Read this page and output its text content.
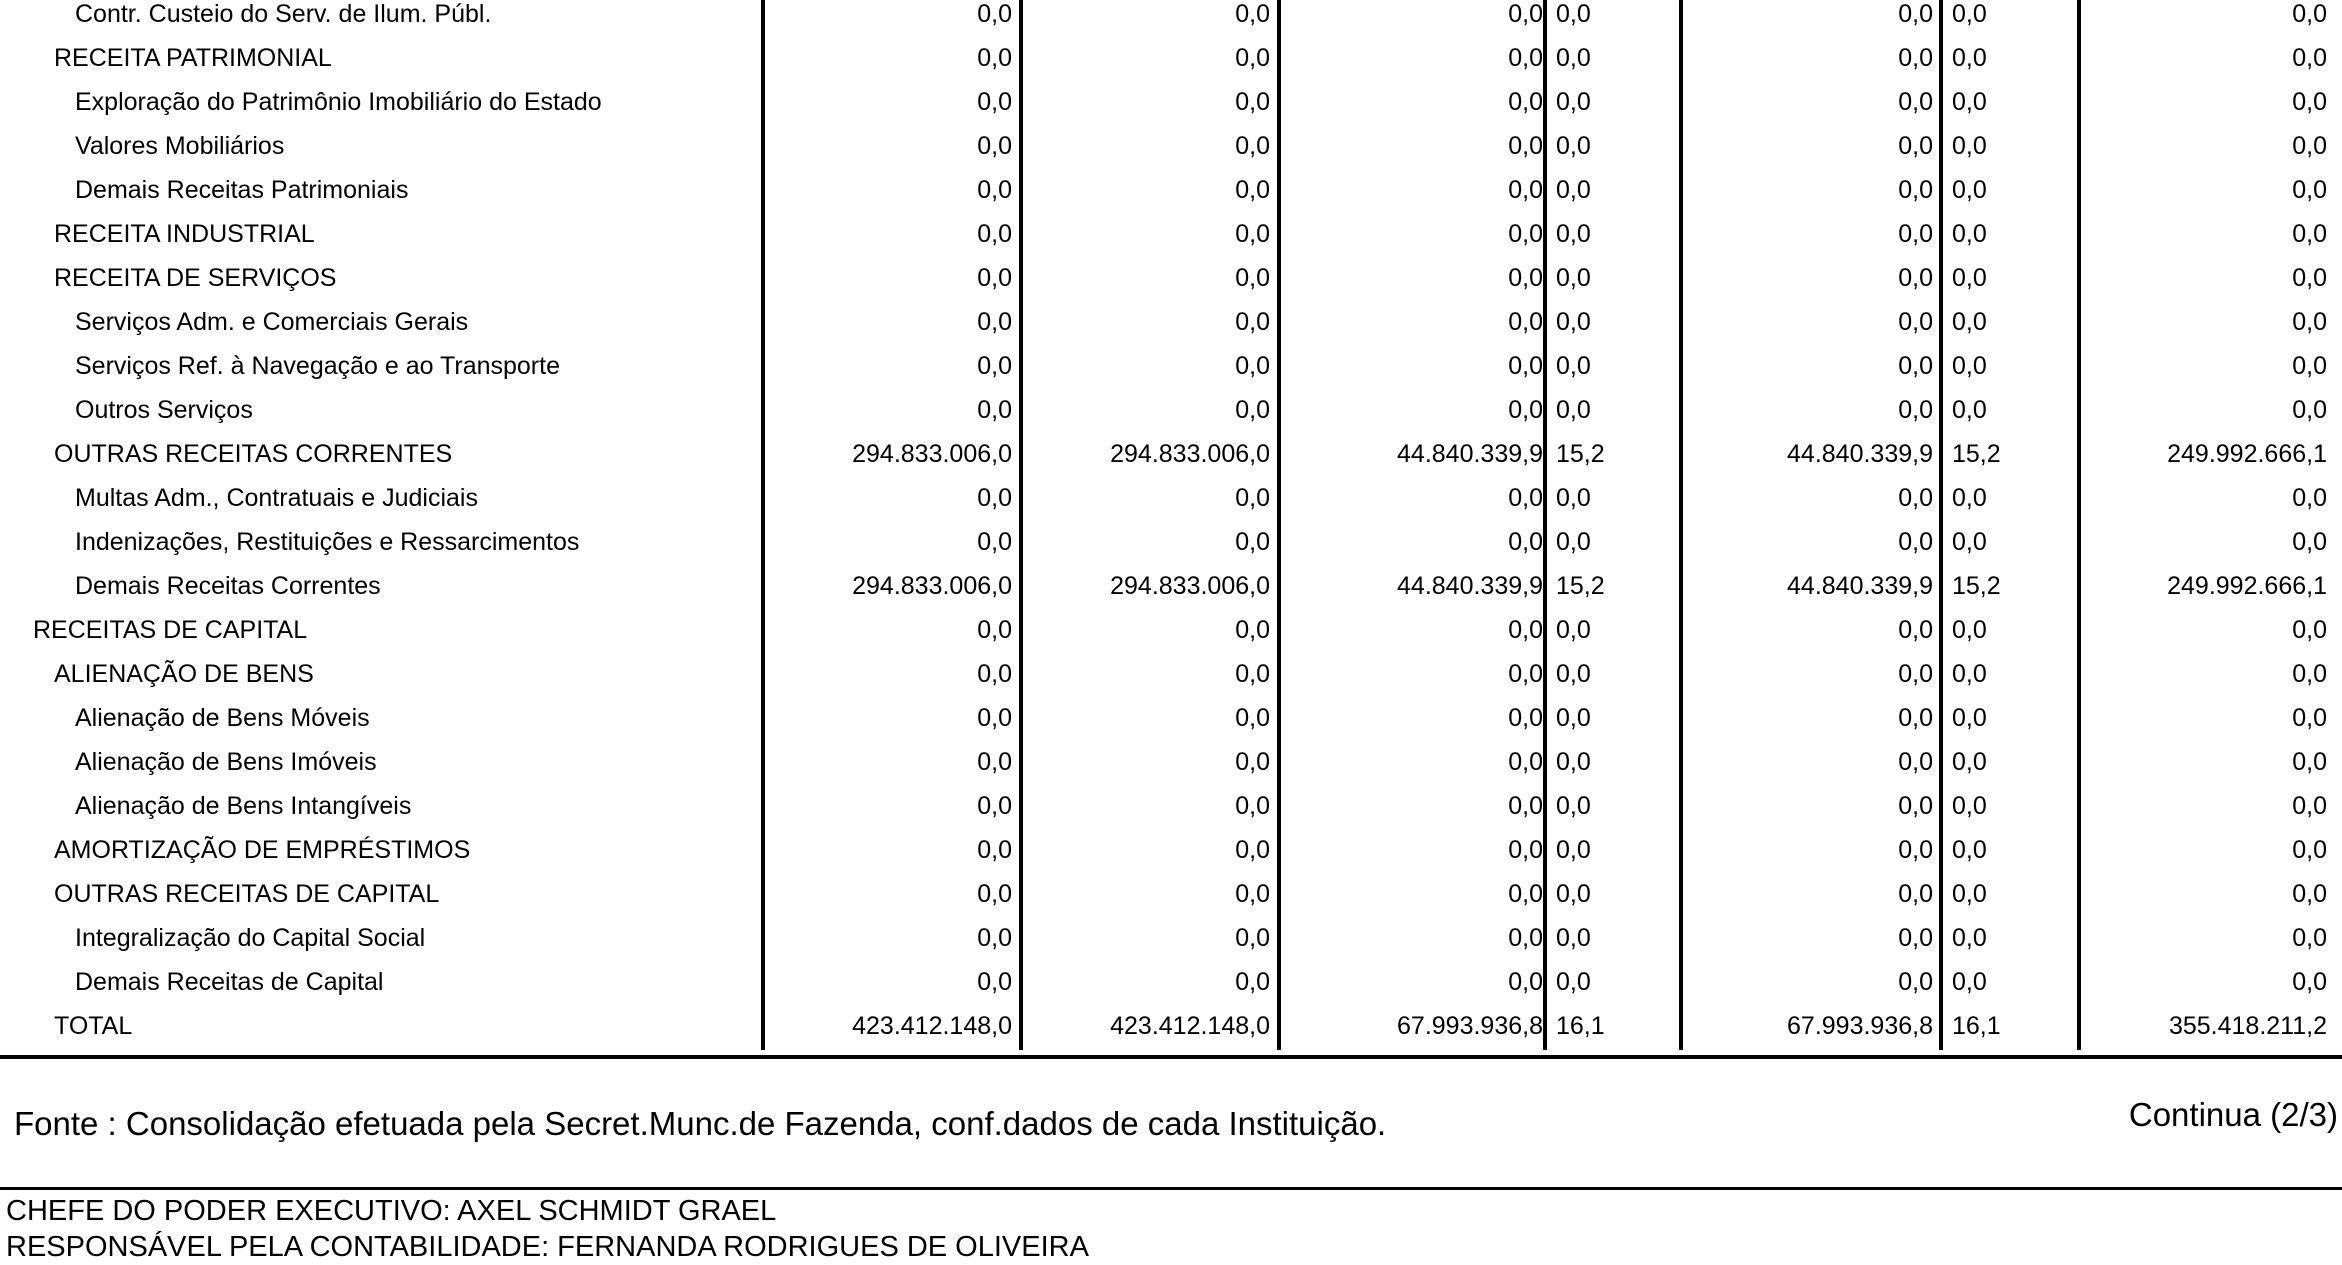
Contr. Custeio do Serv. de Ilum. Públ.	0,0	0,0	0,0 0,0	0,0 0,0	0,0
RECEITA PATRIMONIAL	0,0	0,0	0,0 0,0	0,0 0,0	0,0
Exploração do Patrimônio Imobiliário do Estado	0,0	0,0	0,0 0,0	0,0 0,0	0,0
Valores Mobiliários	0,0	0,0	0,0 0,0	0,0 0,0	0,0
Demais Receitas Patrimoniais	0,0	0,0	0,0 0,0	0,0 0,0	0,0
RECEITA INDUSTRIAL	0,0	0,0	0,0 0,0	0,0 0,0	0,0
RECEITA DE SERVIÇOS	0,0	0,0	0,0 0,0	0,0 0,0	0,0
Serviços Adm. e Comerciais Gerais	0,0	0,0	0,0 0,0	0,0 0,0	0,0
Serviços Ref. à Navegação e ao Transporte	0,0	0,0	0,0 0,0	0,0 0,0	0,0
Outros Serviços	0,0	0,0	0,0 0,0	0,0 0,0	0,0
OUTRAS RECEITAS CORRENTES	294.833.006,0	294.833.006,0	44.840.339,9 15,2	44.840.339,9 15,2	249.992.666,1
Multas Adm., Contratuais e Judiciais	0,0	0,0	0,0 0,0	0,0 0,0	0,0
Indenizações, Restituições e Ressarcimentos	0,0	0,0	0,0 0,0	0,0 0,0	0,0
Demais Receitas Correntes	294.833.006,0	294.833.006,0	44.840.339,9 15,2	44.840.339,9 15,2	249.992.666,1
RECEITAS DE CAPITAL	0,0	0,0	0,0 0,0	0,0 0,0	0,0
ALIENAÇÃO DE BENS	0,0	0,0	0,0 0,0	0,0 0,0	0,0
Alienação de Bens Móveis	0,0	0,0	0,0 0,0	0,0 0,0	0,0
Alienação de Bens Imóveis	0,0	0,0	0,0 0,0	0,0 0,0	0,0
Alienação de Bens Intangíveis	0,0	0,0	0,0 0,0	0,0 0,0	0,0
AMORTIZAÇÃO DE EMPRÉSTIMOS	0,0	0,0	0,0 0,0	0,0 0,0	0,0
OUTRAS RECEITAS DE CAPITAL	0,0	0,0	0,0 0,0	0,0 0,0	0,0
Integralização do Capital Social	0,0	0,0	0,0 0,0	0,0 0,0	0,0
Demais Receitas de Capital	0,0	0,0	0,0 0,0	0,0 0,0	0,0
TOTAL	423.412.148,0	423.412.148,0	67.993.936,8 16,1	67.993.936,8 16,1	355.418.211,2
Fonte : Consolidação efetuada pela Secret.Munc.de Fazenda, conf.dados de cada Instituição.	Continua (2/3)
CHEFE DO PODER EXECUTIVO: AXEL SCHMIDT GRAEL
RESPONSÁVEL PELA CONTABILIDADE: FERNANDA RODRIGUES DE OLIVEIRA
